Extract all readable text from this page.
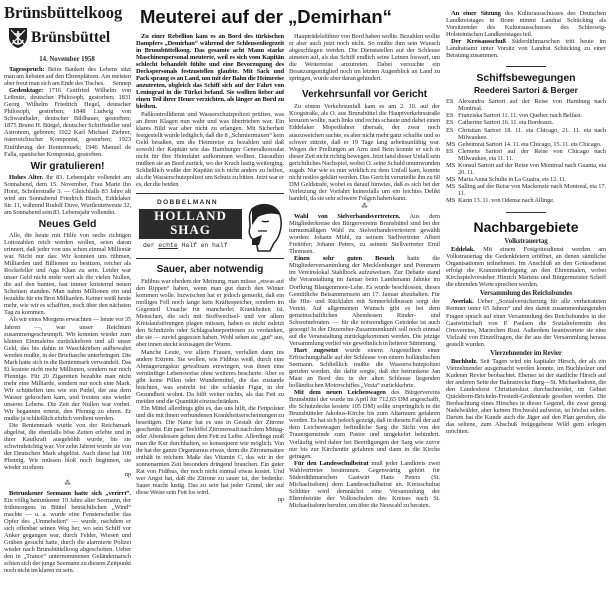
Brünsbüttelkoog
Brünsbüttel
14. November 1958

Tagesspruch: Beim Bankett des Lebens sitzt man am liebsten auf den Ehrenplätzen. Am meisten aber freut man sich am Ende des Tisches.	Sennep

Gedenktage: 1716 Gottfried Wilhelm von Leibnitz, deutscher Philosoph, gestorben; 1831 Georg Wilhelm Friedrich Hegel, deutscher Philosoph, gestorben; 1848 Ludwig von Schwanthaler, deutscher Bildhauer, gestorben; 1875 Bruno H. Bürgel, deutscher Schriftsteller und Astronom, geboren; 1922 Karl Michael Ziehrer, österreichischer Komponist, gestorben; 1923 Einführung der Rentenmark; 1946 Manuel de Falla, spanischer Komponist, gestorben.

Wir gratulieren!

Hohes Alter. Ihr 83. Lebensjahr vollendet am Sonnabend, dem 15. November, Frau Marie tho Horst, Scholerstraße 3. — Gleichfalls 83 Jahre alt wird am Sonnabend Friedrich Büsch, Eddelaker Str. 11, während Rudolf Duve, Wurtleutetweute 32, am Sonnabend sein 83. Lebensjahr vollendet.

Neues Geld

Alle, die heute mit Hilfe von sechs richtigen Lottozahlen reich werden wollen, seien daran erinnert, daß jeder von uns schon einmal Millionär war. Nicht nur das: Wir konnten uns rühmen, Milliarden und Billionen zu besitzen, reicher als Rockefeller und Aga Khan zu sein. Leider war unser Geld nicht mehr wert als die vielen Nullen, die auf den bunten, fast immer knisternd neuen Scheinen standen. Man nahm Millionen ein und bezahlte für ein Brot Milliarden. Keiner weiß heute mehr, wie wir es schafften, noch über den nächsten Tag zu kommen.

Als wir eines Morgens erwachten — heute vor 35 Jahren —, war unser Reichtum zusammengeschrumpft. Wir konnten wieder zum kleinen Einmaleins zurückkehren und all unser Geld, das bis dahin in Waschkörben aufbewahrt werden mußte, in der Brieftasche unterbringen. Die Mark hatte sich in die Rentenmark verwandelt. Das Ei kostete nicht mehr Millionen, sondern nur noch Pfennige. Für 20 Zigaretten bezahlte man nicht mehr eine Milliarde, sondern nur noch eine Mark. Wir schüttelten uns wie ein Pudel, der aus dem Wasser gekrochen kam, und freuten uns wieder unseres Lebens. Die Zeit der Nullen war vorbei. Wir begannen erneut, den Pfennig zu ehren. Er mußte ja schließlich ehrlich verdient werden.

Die Rentenmark wurde von der Reichsmark abgelöst, die ebenfalls böse Zeiten erlebte und in ihrer Kaufkraft ausgehöhlt wurde, bis sie schwindsüchtig war. Vor zehn Jahren wurde sie von der Deutschen Mark abgelöst. Auch diese hat 100 Pfennig. Wir müssen bloß noch beginnen, sie wieder zu ehren.

np
⁂

Betrunkener Seemann hatte sich „verirrt“. Ein völlig betrunkener 19 Jahre alter Seemann, der frühmorgens in Büttel beträchtlichen „Wind“ machte — u. a. wurde eine Fensterscheibe das Opfer des „Umnebelten“ — wurde, nachdem er sich offenbar seinen Weg her, wo sein Schiff vor Anker gegangen war, durch Felder, Wiesen und Gräben gesucht hatte, durch die alarmierte Polizei wieder nach Brunsbüttelkoog abgeschoben. Ueber den in „Trance“ unternommenen Geländemarsch schien sich der junge Seemann zu diesem Zeitpunkt noch nicht im klaren zu sein.

Meuterei auf der „Demirhan“

Zu einer Rebellion kam es an Bord des türkischen Dampfers „Demirhan“ während der Schleusenliegezeit in Brunsbüttelkoog. Das gesamte acht Mann starke Maschinenpersonal meuterte, weil es sich vom Kapitän schlecht behandelt fühlte und eine Bevorzugung des Deckspersonals festzustellen glaubte. Mit Sack und Pack sprang es an Land, um mit der Bahn die Heimreise anzutreten, obgleich das Schiff sich auf der Fahrt von Leningrad in die Türkei befand. Sie wollten lieber auf einen Teil ihrer Heuer verzichten, als länger an Bord zu bleiben.

Paßkontrolldienst und Wasserschutzpolizei prüften, was an ihren Klagen nun wahr und was übertrieben war. Ein klares Bild war aber nicht zu erlangen. Mit Sicherheit festgestellt wurde lediglich, daß die 8 „Schmiermaxen“ kein Geld besaßen, um die Heimreise zu bezahlen und daß sowohl der Kapitän wie das Hamburger Generalkonsulat nicht für ihre Heimfahrt aufkommen wollten. Daraufhin mußten sie an Bord zurück, wo der Krach lustig weiterging. Schließlich wußte der Kapitän sich nicht anders zu helfen, als die Wasserschutzpolizei um Schutz zu bitten. Jetzt war er es, der die beiden

DOBBELMANN
HOLLAND
SHAG
der echte Half en half
Sauer, aber notwendig

Fidibus war ehedem der Meinung, man müsse „etwas auf den Rippen“ haben, wenn man gut durch den Winter kommen wolle. Inzwischen hat er jedoch gemerkt, daß ein molliges Fell noch lange kein Kräftespeicher, sondern im Gegenteil Ursache für mancherlei Krankheiten ist. Menschen, die sich mit Stoffwechsel- und vor allem Kreislaufstörungen plagen müssen, haben es nicht zuletzt den Schnitzeln oder Schlagsahneportionen zu verdanken, die sie — zuviel gegessen haben. Wohl sehen sie „gut“ aus, aber innen steckt sozusagen der Wurm.

Manche Leute, vor allem Frauen, verfallen dann ins andere Extrem. Sie wollen, wie Fidibus weiß, durch eine Abmagerungskur gewaltsam erzwingen, was ihnen eine vernünftige Lebensweise ohne weiteres bescherte. Aber es gibt keine Pillen oder Wundermittel, die das zustande brächten, was erstrebt ist: die schlanke Figur, in der Gesundheit wohnt. Da hilft weiter nichts, als das Fett zu meiden und die Quantität einzuschränken.

Ein Mittel allerdings gibt es, das uns hilft, die Fettpolster und die mit ihnen verbundenen Krankheitserscheinungen zu beseitigen. Die Natur hat es uns in Gestalt der Zitrone geschenkt. Ein paar Teelöffel Zitronensaft nach dem Mittag- oder Abendessen gehen dem Fett zu Leibe. Allerdings muß man die Kur durchhalten, so konsequent wie möglich. Von ihr hat der ganze Organismus etwas, denn die Zitronensäure enthält in reichem Maße das Vitamin C, das wir in der sonnenarmen Zeit besonders dringend brauchen. Ein guter Rat von Fidibus, der noch nicht einmal etwas kostet. Und wer Angst hat, daß die Zitrone zu sauer ist, der bedenke: Sauer macht lustig. Das zu sein hat jeder Grund, der auf diese Weise sein Fett los wird.

np

Haupträdelsführer von Bord haben wollte. Bezahlen wollte er aber auch jetzt noch nicht. So mußte ihm sein Wunsch abgeschlagen werden. Die Dienststellen auf der Schleuse atmeten auf, als das Schiff endlich seine Leinen loswarf, um die Weiterreise anzutreten. Dabei versuchte ein Besatzungsmitglied noch im letzten Augenblick an Land zu springen, wurde aber daran gehindert.

Verkehrsunfall vor Gericht

Zu einem Verkehrsunfall kam es am 2. 10. auf der Koogstraße, als O. aus Brunsbüttel die Hauptverkehrsstraße kreuzen wollte, nach links und rechts schaute und dabei einen Eddelaker Mopedfahrer übersah, der zwar noch auszuweichen suchte, es aber nicht mehr ganz schaffte und so schwer stürzte, daß er 19 Tage lang arbeitsunfähig war. Wegen der Prellungen an Arm und Bein konnte er sich in dieser Zeit nicht richtig bewegen. Jetzt fand dieser Unfall sein gerichtliches Nachspiel, wobei O. seine Schuld unumwunden zugab. Nur wie es nun wirklich zu dem Unfall kam, konnte nicht restlos geklärt werden. Das Gericht verurteilte ihn zu 60 DM Geldstrafe, wobei es darauf hinwies, daß es sich bei der Verletzung der Vorfahrt keinesfalls um ein leichtes Delikt handelt, da sie sehr schwere Folgen haben kann.

⁂

Wahl von Sielverbandsvertretern. Aus dem Mitgliederkreise des Bürgervereins Brunsbüttel sind bei der turnusmäßigen Wahl zu Sielverbandsvertretern gewählt worden: Johann Mühl, zu seinem Stellvertreter Albert Freitöfer; Johann Peters, zu seinem Stellvertreter Emil Thomsen.

Einen sehr guten Besuch hatte die Mitgliederversammlung der Mecklenburger und Pommern im Vereinslokal Stahlbock aufzuweisen. Zur Debatte stand die Veranstaltung im Januar beim Landsmann Jahnke im Dorfkrug Blangenmoor-Lehe. Es wurde beschlossen, dieses Gemütliche Beisammensein am 17. Januar abzuhalten. Für die Hin- und Rückfahrt mit Sonnerfeldbussen sorgt der Verein. Auf allgemeinen Wunsch gibt es bei dem gemeinschaftlichen Abendessen Rinder- und Schweinebraten. — für die notwendigen Getränke ist auch gesorgt! In der Dezember-Zusammenkunft soll noch einmal auf die Veranstaltung zurückgekommen werden. Die jetzige Versammlung verlief wie gewöhnlich in heiterer Stimmung.

Hart zugesetzt wurde einem Angestellten einer Erfrischungshalle auf der Schleuse von einem holländischen Seemann. Schließlich mußte die Wasserschutzpolizei gerufen werden, die dafür sorgte, daß der betrunkene Jan Maat an Bord des in der alten Schleuse liegenden holländischen Motorschiffes „Vesta“ zurückkehrte.

Mit dem neuen Leichenwagen des Bürgervereins Brunsbüttel der wurde im April für 712,65 DM angeschafft, die Schutzdecke kostete 105 DM) sollte ursprünglich in die Brunsbütteler Jakobus-Kirche bis zum Altarraum gefahren werden. Es hat sich jedoch gezeigt, daß in diesem Fall der auf dem Leichenwagen befindliche Sarg die Sicht von der Trauergemeinde zum Pastor und umgekehrt behindert. Vorläufig wird daher bei Beerdigungen der Sarg wie zuvor nur bis zur Kirchentür gefahren und dann in die Kirche getragen.

Für den Landesschulbeirat muß jeder Landkreis zwei Wahlvertreter bestimmen. Gegenwärtig gehört für Süderdithmarschen Gastwirt Hans Peters (St. Michaelisdonn) dem Landesschulbeirat an. Kreisschulrat Schlüter wird demnächst eine Versammlung der Elternbeiräte der Volksschulen des Kreises nach St. Michaelisdonn berufen, um über die Neuwahl zu beraten.

An einer Sitzung des Kulturausschusses des Deutschen Landkreistages in Bonn nimmt Landrat Schücking als Vorsitzender des Kulturausschusses des Schleswig-Holsteinischen Landkreistages teil.

Der Kreisausschuß Süderdithmarschen tritt heute im Landratsamt unter Vorsitz von Landrat Schücking zu einer Beratung zusammen.

Schiffsbewegungen
Reederei Sartori & Berger
ES Alexandra Sartori auf der Reise von Hamburg nach Montreal.
ES Franziska Sartori 11. 11. von Quebec nach Belfast.
ES Catherine Sartori 16. 11. eta Bordeaux.
ES Christian Sartori 18. 11. eta Chicago, 21. 11. eta nach Milwaukee.
MS Geheimrat Sartori 14. 11. eta Chicago, 15. 11. ets Chicago.
ES Clemens Sartori auf der Reise von Chicago nach Milwaukee, eta 11. 11.
MS Konsul Sartori auf der Reise von Montreal nach Guanta, eta 20. 11.
MS Maria Anna Schulte in La Guaira, ets 12. 11.
MS Salling auf der Reise von Mackenzie nach Montreal, eta 17. 11.
MS Karin 13. 11. von Odense nach Allinge.
Nachbargebiete
Volkstrauertag

Eddelak. Mit einem Festgottesdienst werden am Volkstrauertag die Gedenkfeiern eröffnet, an denen sämtliche Organisationen teilnehmen. Im Anschluß an den Gottesdienst erfolgt die Kranzniederlegung an den Ehrenmalen, wobei Kirchspielvorsteher Hinrich Martens und Bürgermeister Scheff die ehrenden Worte sprechen werden.

Versammlung des Reichsbundes

Averlak. Ueber „Sozialversicherung für alle verheirateten Rentner unter 65 Jahren“ und den damit zusammenhängenden Fragen sprach auf einer Versammlung des Reichsbundes in der Gastwirtschaft von P. Paulsen die Sozialreferentin des Ortsvereins, Mariechen Rust. Außerdem beantwortete sie eine Vielzahl von Einzelfragen, die ihr aus der Versammlung heraus gestellt wurden.

Vierzehnender im Revier

Buchholz. Seit Tagen wird ein kapitaler Hirsch, der als ein Vierzehnender ausgemacht werden konnte, im Buchholzer und Kudener Revier beobachtet. Ebenso ist der stattliche Hirsch auf der anderen Seite der Bahnstrecke Burg—St. Michaelisdonn, die den Landesforst Christianslust durchschneidet, im Gebiet Quickborn-Brickeln-Frestedt-Großenrade gesehen worden. Die Beobachtung eines Hirsches in dieser Gegend, die zwar genug Nadelwälder, aber keinen Hochwald aufweist, ist höchst selten. Darum hat die Kunde auch die Jäger auf den Plan gerufen, die das seltene, zum Abschuß freigegebene Wild gern erlegen möchten.
